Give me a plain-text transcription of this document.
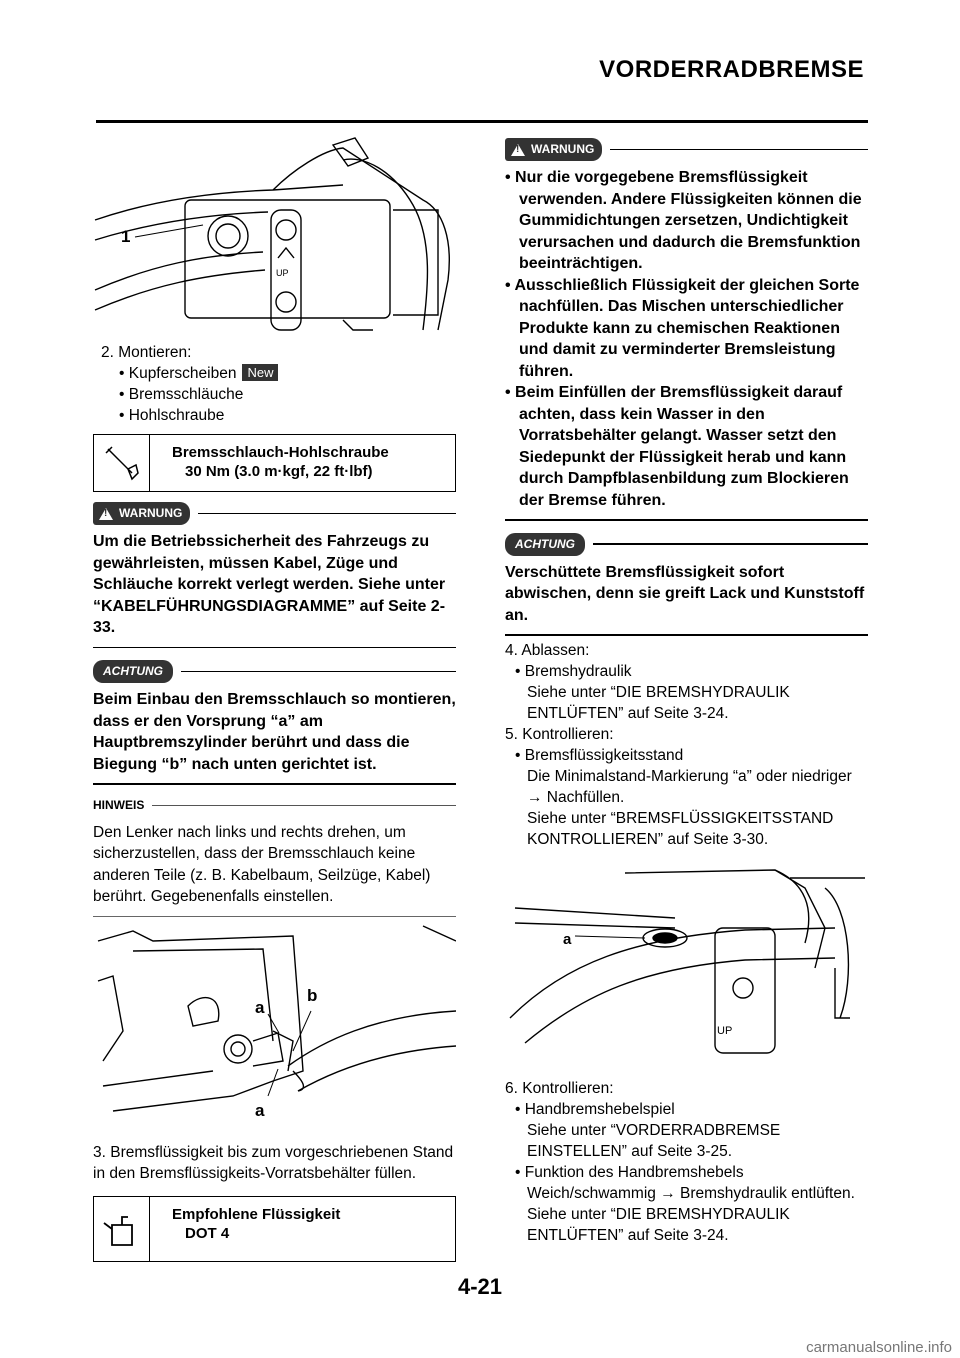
VORDERRADBREMSE
1
UP

2. Montieren:

• Kupferscheiben New

• Bremsschläuche

• Hohlschraube

Bremsschlauch-Hohlschraube
30 Nm (3.0 m·kgf, 22 ft·lbf)
! WARNUNG
Um die Betriebssicherheit des Fahrzeugs zu gewährleisten, müssen Kabel, Züge und Schläuche korrekt verlegt werden. Siehe unter “KABELFÜHRUNGSDIAGRAMME” auf Seite 2-33.
ACHTUNG
Beim Einbau den Bremsschlauch so montieren, dass er den Vorsprung “a” am Hauptbremszylinder berührt und dass die Biegung “b” nach unten gerichtet ist.
HINWEIS
Den Lenker nach links und rechts drehen, um sicherzustellen, dass der Bremsschlauch keine anderen Teile (z. B. Kabelbaum, Seilzüge, Kabel) berührt. Gegebenenfalls einstellen.
a
b
a

3. Bremsflüssigkeit bis zum vorgeschriebenen Stand in den Bremsflüssigkeits-Vorratsbehälter füllen.

Empfohlene Flüssigkeit
DOT 4
! WARNUNG

• Nur die vorgegebene Bremsflüssigkeit verwenden. Andere Flüssigkeiten können die Gummidichtungen zersetzen, Undichtigkeit verursachen und dadurch die Bremsfunktion beeinträchtigen.

• Ausschließlich Flüssigkeit der gleichen Sorte nachfüllen. Das Mischen unterschiedlicher Produkte kann zu chemischen Reaktionen und damit zu verminderter Bremsleistung führen.

• Beim Einfüllen der Bremsflüssigkeit darauf achten, dass kein Wasser in den Vorratsbehälter gelangt. Wasser setzt den Siedepunkt der Flüssigkeit herab und kann durch Dampfblasenbildung zum Blockieren der Bremse führen.

ACHTUNG
Verschüttete Bremsflüssigkeit sofort abwischen, denn sie greift Lack und Kunststoff an.

4. Ablassen:

• Bremshydraulik

Siehe unter “DIE BREMSHYDRAULIK ENTLÜFTEN” auf Seite 3-24.

5. Kontrollieren:

• Bremsflüssigkeitsstand

Die Minimalstand-Markierung “a” oder niedriger → Nachfüllen.

Siehe unter “BREMSFLÜSSIGKEITSSTAND KONTROLLIEREN” auf Seite 3-30.

a
UP

6. Kontrollieren:

• Handbremshebelspiel

Siehe unter “VORDERRADBREMSE EINSTELLEN” auf Seite 3-25.

• Funktion des Handbremshebels

Weich/schwammig → Bremshydraulik entlüften.

Siehe unter “DIE BREMSHYDRAULIK ENTLÜFTEN” auf Seite 3-24.

4-21
carmanualsonline.info
